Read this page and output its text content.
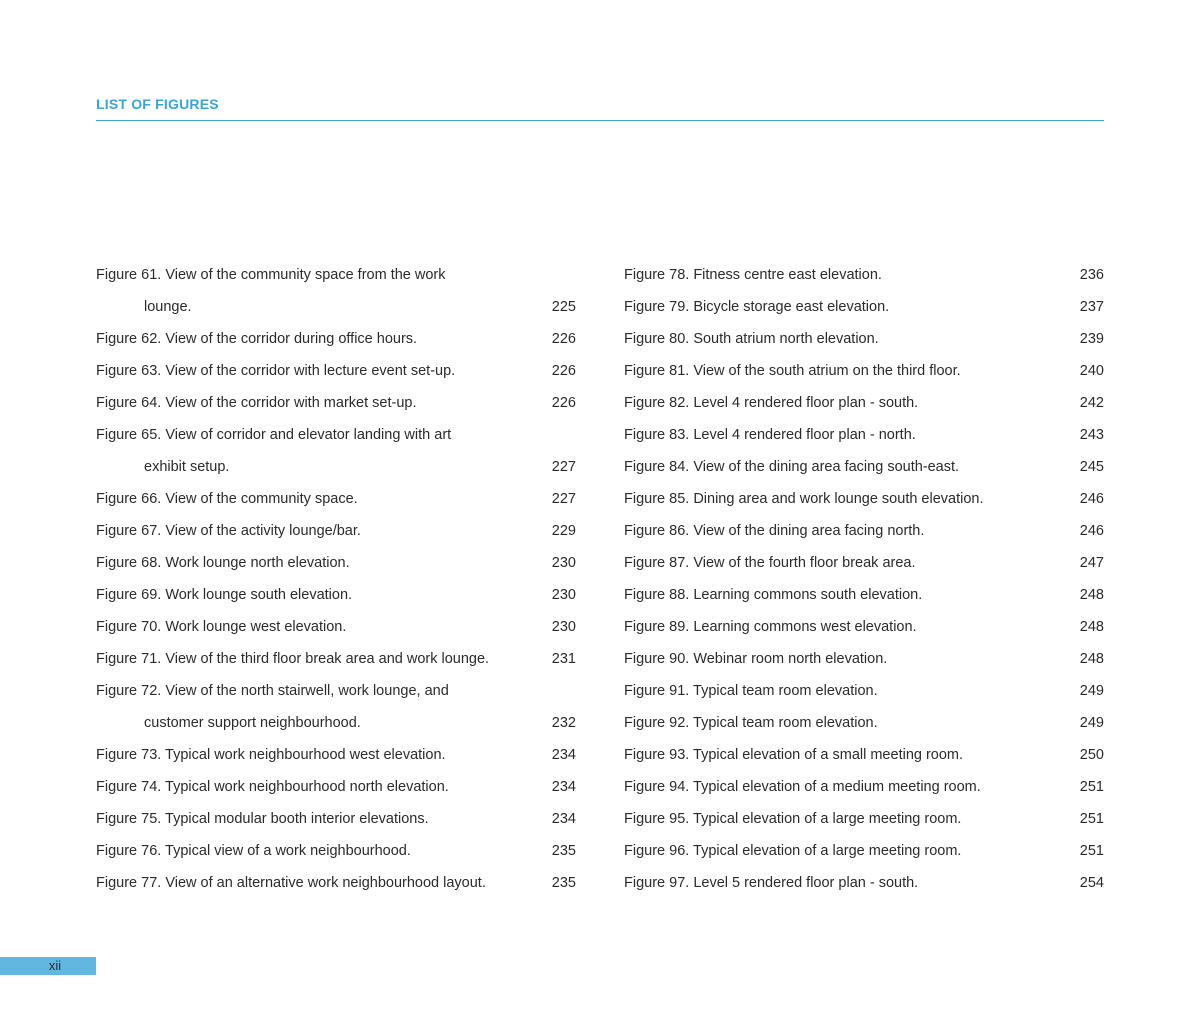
LIST OF FIGURES
Figure 61. View of the community space from the work
lounge.	225
Figure 62. View of the corridor during office hours.	226
Figure 63. View of the corridor with lecture event set-up.	226
Figure 64. View of the corridor with market set-up.	226
Figure 65. View of corridor and elevator landing with art
exhibit setup.	227
Figure 66. View of the community space.	227
Figure 67. View of the activity lounge/bar.	229
Figure 68. Work lounge north elevation.	230
Figure 69. Work lounge south elevation.	230
Figure 70. Work lounge west elevation.	230
Figure 71. View of the third floor break area and work lounge.	231
Figure 72. View of the north stairwell, work lounge, and
customer support neighbourhood.	232
Figure 73. Typical work neighbourhood west elevation.	234
Figure 74. Typical work neighbourhood north elevation.	234
Figure 75. Typical modular booth interior elevations.	234
Figure 76. Typical view of a work neighbourhood.	235
Figure 77. View of an alternative work neighbourhood layout.	235
Figure 78. Fitness centre east elevation.	236
Figure 79. Bicycle storage east elevation.	237
Figure 80. South atrium north elevation.	239
Figure 81. View of the south atrium on the third floor.	240
Figure 82. Level 4 rendered floor plan - south.	242
Figure 83. Level 4 rendered floor plan - north.	243
Figure 84. View of the dining area facing south-east.	245
Figure 85. Dining area and work lounge south elevation.	246
Figure 86. View of the dining area facing north.	246
Figure 87. View of the fourth floor break area.	247
Figure 88. Learning commons south elevation.	248
Figure 89. Learning commons west elevation.	248
Figure 90. Webinar room north elevation.	248
Figure 91. Typical team room elevation.	249
Figure 92. Typical team room elevation.	249
Figure 93. Typical elevation of a small meeting room.	250
Figure 94. Typical elevation of a medium meeting room.	251
Figure 95. Typical elevation of a large meeting room.	251
Figure 96. Typical elevation of a large meeting room.	251
Figure 97. Level 5 rendered floor plan - south.	254
xii
